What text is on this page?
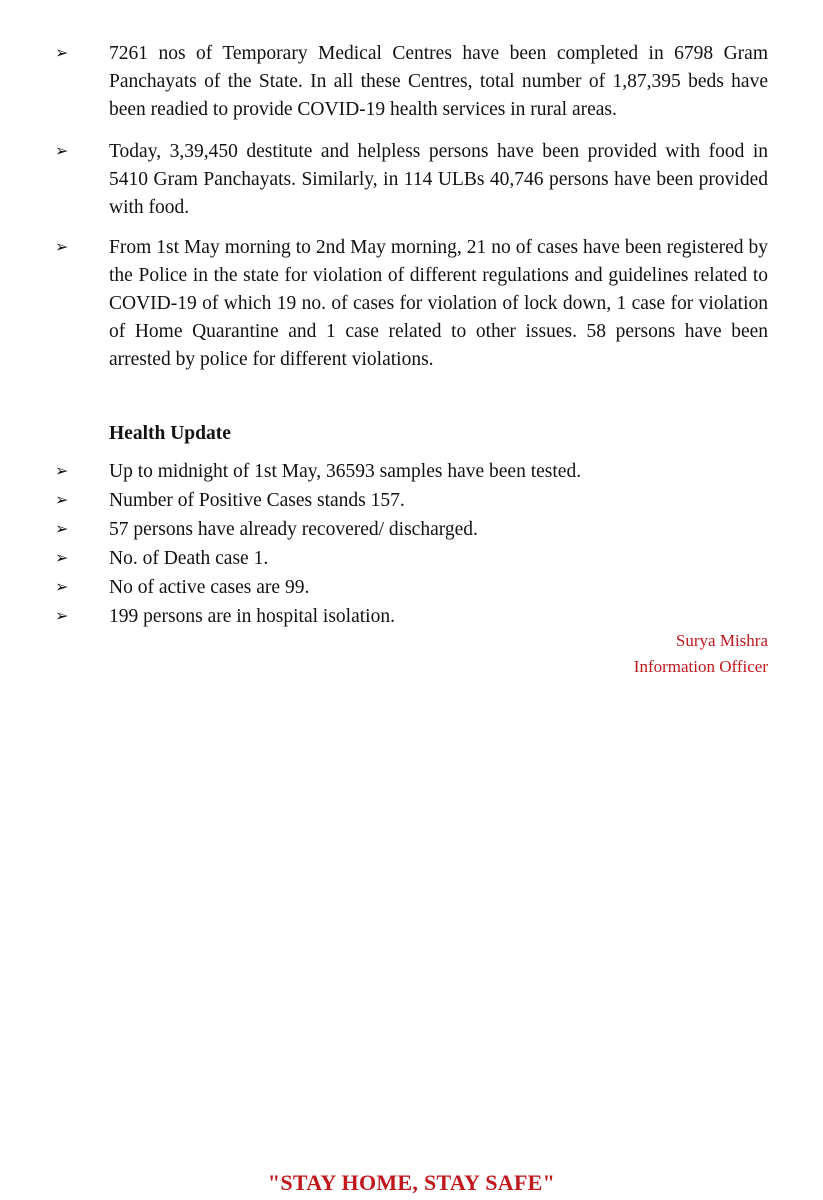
➢ 7261 nos of Temporary Medical Centres have been completed in 6798 Gram Panchayats of the State. In all these Centres, total number of 1,87,395 beds have been readied to provide COVID-19 health services in rural areas.

➢ Today, 3,39,450 destitute and helpless persons have been provided with food in 5410 Gram Panchayats. Similarly, in 114 ULBs 40,746 persons have been provided with food.

➢ From 1st May morning to 2nd May morning, 21 no of cases have been registered by the Police in the state for violation of different regulations and guidelines related to COVID-19 of which 19 no. of cases for violation of lock down, 1 case for violation of Home Quarantine and 1 case related to other issues. 58 persons have been arrested by police for different violations.

Health Update
➢ Up to midnight of 1st May, 36593 samples have been tested.
➢ Number of Positive Cases stands 157.
➢ 57 persons have already recovered/ discharged.
➢ No. of Death case 1.
➢ No of active cases are 99.
➢ 199 persons are in hospital isolation.
Surya Mishra
Information Officer
"STAY HOME, STAY SAFE"
